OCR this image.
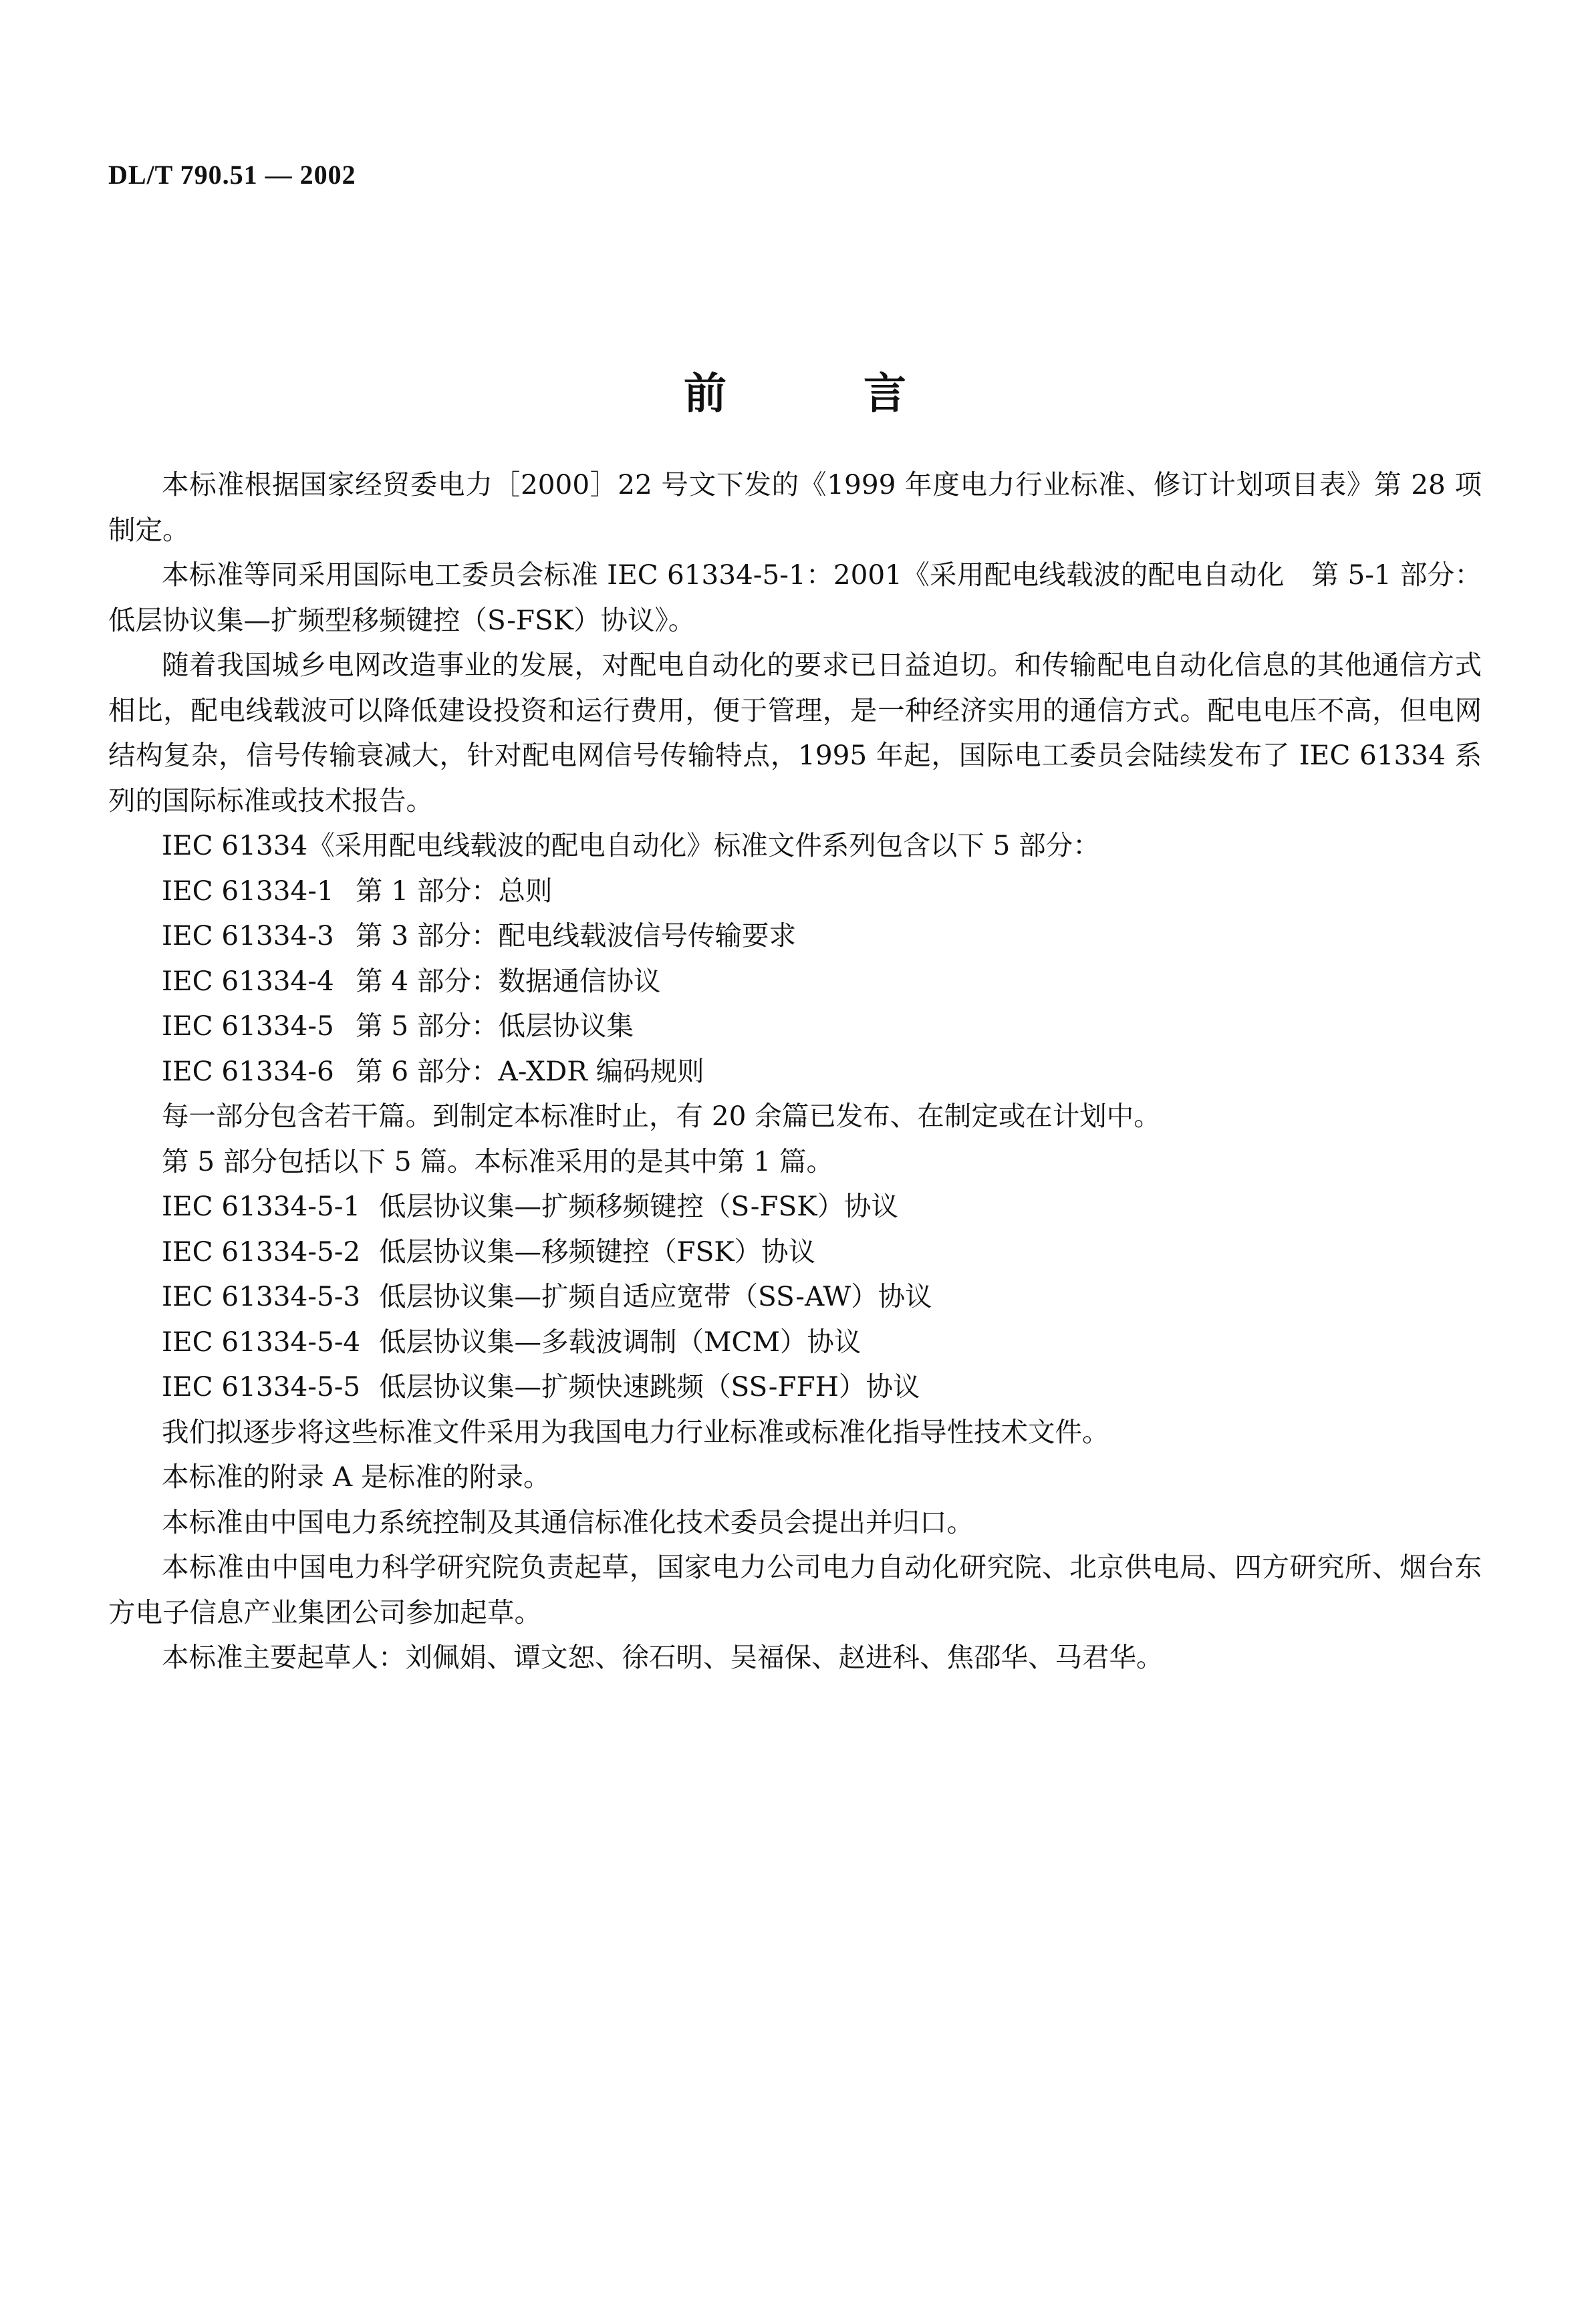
DL/T 790.51 — 2002
前言

本标准根据国家经贸委电力［2000］22 号文下发的《1999 年度电力行业标准、修订计划项目表》第 28 项制定。

本标准等同采用国际电工委员会标准 IEC 61334-5-1：2001《采用配电线载波的配电自动化　第 5-1 部分：低层协议集—扩频型移频键控（S-FSK）协议》。

随着我国城乡电网改造事业的发展，对配电自动化的要求已日益迫切。和传输配电自动化信息的其他通信方式相比，配电线载波可以降低建设投资和运行费用，便于管理，是一种经济实用的通信方式。配电电压不高，但电网结构复杂，信号传输衰减大，针对配电网信号传输特点，1995 年起，国际电工委员会陆续发布了 IEC 61334 系列的国际标准或技术报告。

IEC 61334《采用配电线载波的配电自动化》标准文件系列包含以下 5 部分：

IEC 61334-1 第 1 部分：总则

IEC 61334-3 第 3 部分：配电线载波信号传输要求

IEC 61334-4 第 4 部分：数据通信协议

IEC 61334-5 第 5 部分：低层协议集

IEC 61334-6 第 6 部分：A-XDR 编码规则

每一部分包含若干篇。到制定本标准时止，有 20 余篇已发布、在制定或在计划中。

第 5 部分包括以下 5 篇。本标准采用的是其中第 1 篇。

IEC 61334-5-1 低层协议集—扩频移频键控（S-FSK）协议

IEC 61334-5-2 低层协议集—移频键控（FSK）协议

IEC 61334-5-3 低层协议集—扩频自适应宽带（SS-AW）协议

IEC 61334-5-4 低层协议集—多载波调制（MCM）协议

IEC 61334-5-5 低层协议集—扩频快速跳频（SS-FFH）协议

我们拟逐步将这些标准文件采用为我国电力行业标准或标准化指导性技术文件。

本标准的附录 A 是标准的附录。

本标准由中国电力系统控制及其通信标准化技术委员会提出并归口。

本标准由中国电力科学研究院负责起草，国家电力公司电力自动化研究院、北京供电局、四方研究所、烟台东方电子信息产业集团公司参加起草。

本标准主要起草人：刘佩娟、谭文恕、徐石明、吴福保、赵进科、焦邵华、马君华。
